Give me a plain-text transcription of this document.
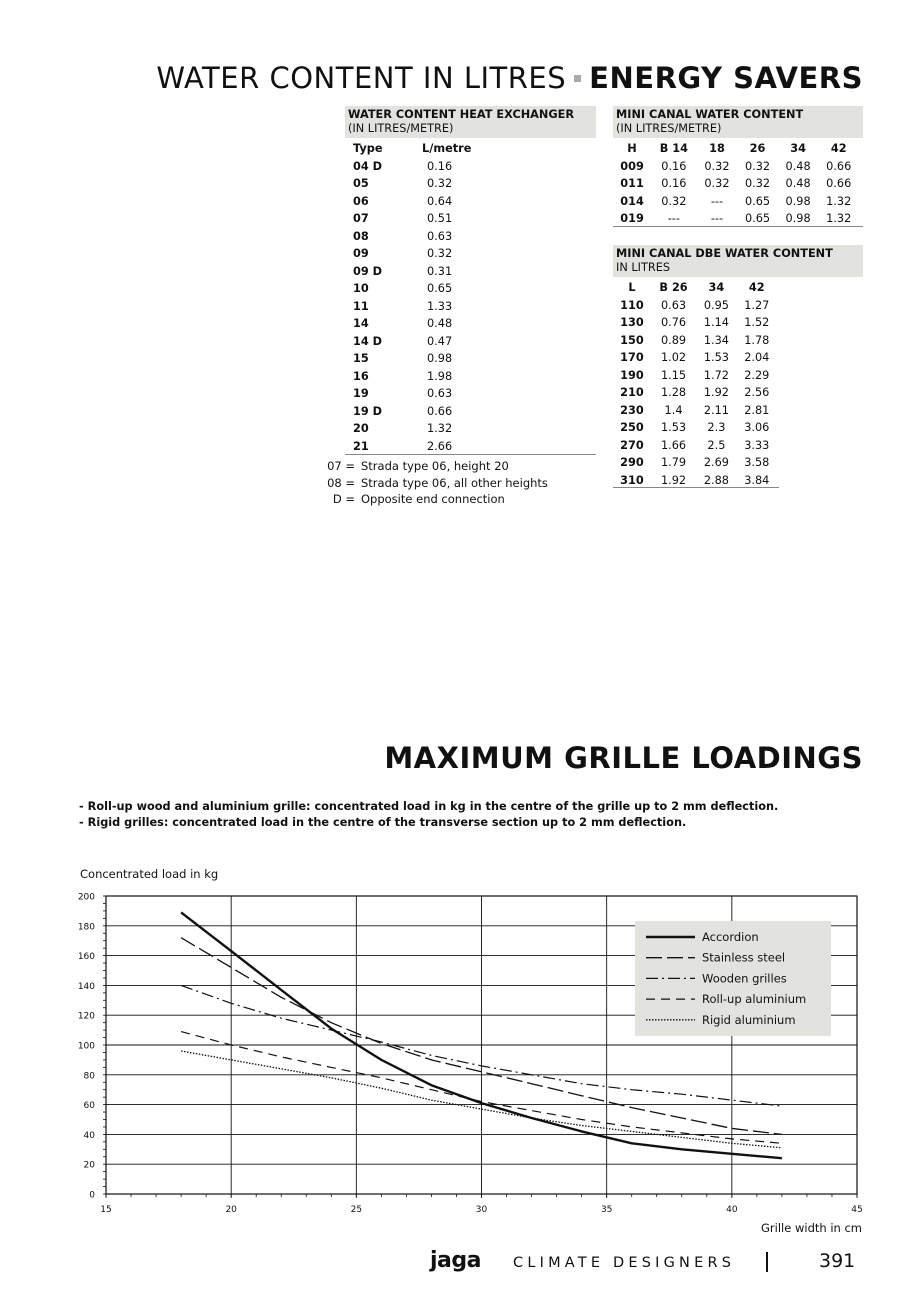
WATER CONTENT IN LITRES ENERGY SAVERS
WATER CONTENT HEAT EXCHANGER
(IN LITRES/METRE)
Type	L/metre
04 D	0.16
05	0.32
06	0.64
07	0.51
08	0.63
09	0.32
09 D	0.31
10	0.65
11	1.33
14	0.48
14 D	0.47
15	0.98
16	1.98
19	0.63
19 D	0.66
20	1.32
21	2.66
07 = Strada type 06, height 20
08 = Strada type 06, all other heights
D = Opposite end connection
MINI CANAL WATER CONTENT
(IN LITRES/METRE)
H	B 14	18	26	34	42
009	0.16	0.32	0.32	0.48	0.66
011	0.16	0.32	0.32	0.48	0.66
014	0.32	---	0.65	0.98	1.32
019	---	---	0.65	0.98	1.32
MINI CANAL DBE WATER CONTENT
IN LITRES
L	B 26	34	42
110	0.63	0.95	1.27
130	0.76	1.14	1.52
150	0.89	1.34	1.78
170	1.02	1.53	2.04
190	1.15	1.72	2.29
210	1.28	1.92	2.56
230	1.4	2.11	2.81
250	1.53	2.3	3.06
270	1.66	2.5	3.33
290	1.79	2.69	3.58
310	1.92	2.88	3.84
MAXIMUM GRILLE LOADINGS
- Roll-up wood and aluminium grille: concentrated load in kg in the centre of the grille up to 2 mm deflection.
- Rigid grilles: concentrated load in the centre of the transverse section up to 2 mm deflection.
Concentrated load in kg
0
20
40
60
80
100
120
140
160
180
200
15	20	25	30	35	40	45
Grille width in cm
Accordion
Stainless steel
Wooden grilles
Roll-up aluminium
Rigid aluminium
jaga CLIMATE DESIGNERS	391
